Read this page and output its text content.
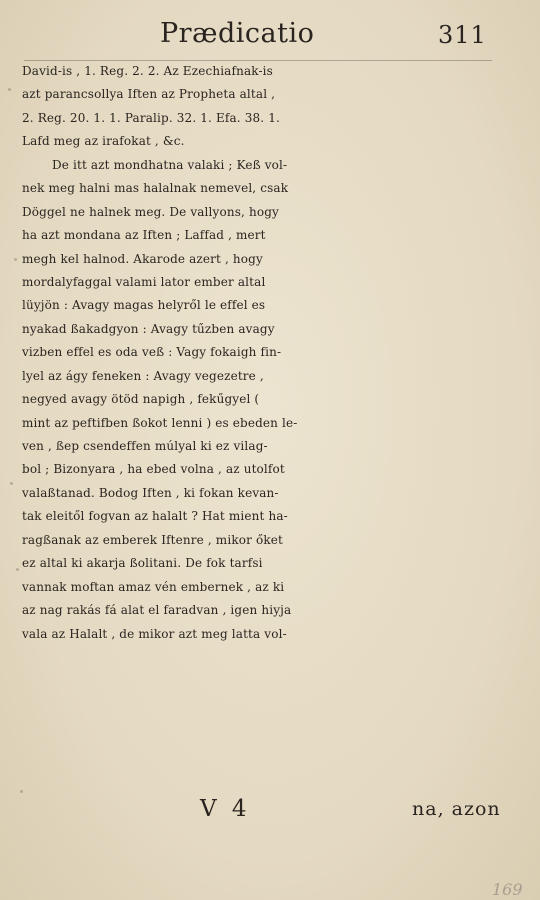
Prædicatio	311
David-is , 1. Reg. 2. 2. Az Ezechiafnak-is
azt parancsollya Iften az Propheta altal ,
2. Reg. 20. 1. 1. Paralip. 32. 1. Efa. 38. 1.
Lafd meg az irafokat , &c.
De itt azt mondhatna valaki ; Keß vol-
nek meg halni mas halalnak nemevel, csak
Döggel ne halnek meg. De vallyons, hogy
ha azt mondana az Iften ; Laffad , mert
megh kel halnod. Akarode azert , hogy
mordalyfaggal valami lator ember altal
lüyjön : Avagy magas helyről le effel es
nyakad ßakadgyon : Avagy tűzben avagy
vizben effel es oda veß : Vagy fokaigh fin-
lyel az ágy feneken : Avagy vegezetre ,
negyed avagy ötöd napigh , fekűgyel (
mint az peftifben ßokot lenni ) es ebeden le-
ven , ßep csendeffen múlyal ki ez vilag-
bol ; Bizonyara , ha ebed volna , az utolfot
valaßtanad. Bodog Iften , ki fokan kevan-
tak eleitől fogvan az halalt ? Hat mient ha-
ragßanak az emberek Iftenre , mikor őket
ez altal ki akarja ßolitani. De fok tarfsi
vannak moftan amaz vén embernek , az ki
az nag rakás fá alat el faradvan , igen hiyja
vala az Halalt , de mikor azt meg latta vol-
V 4	na, azon
169
